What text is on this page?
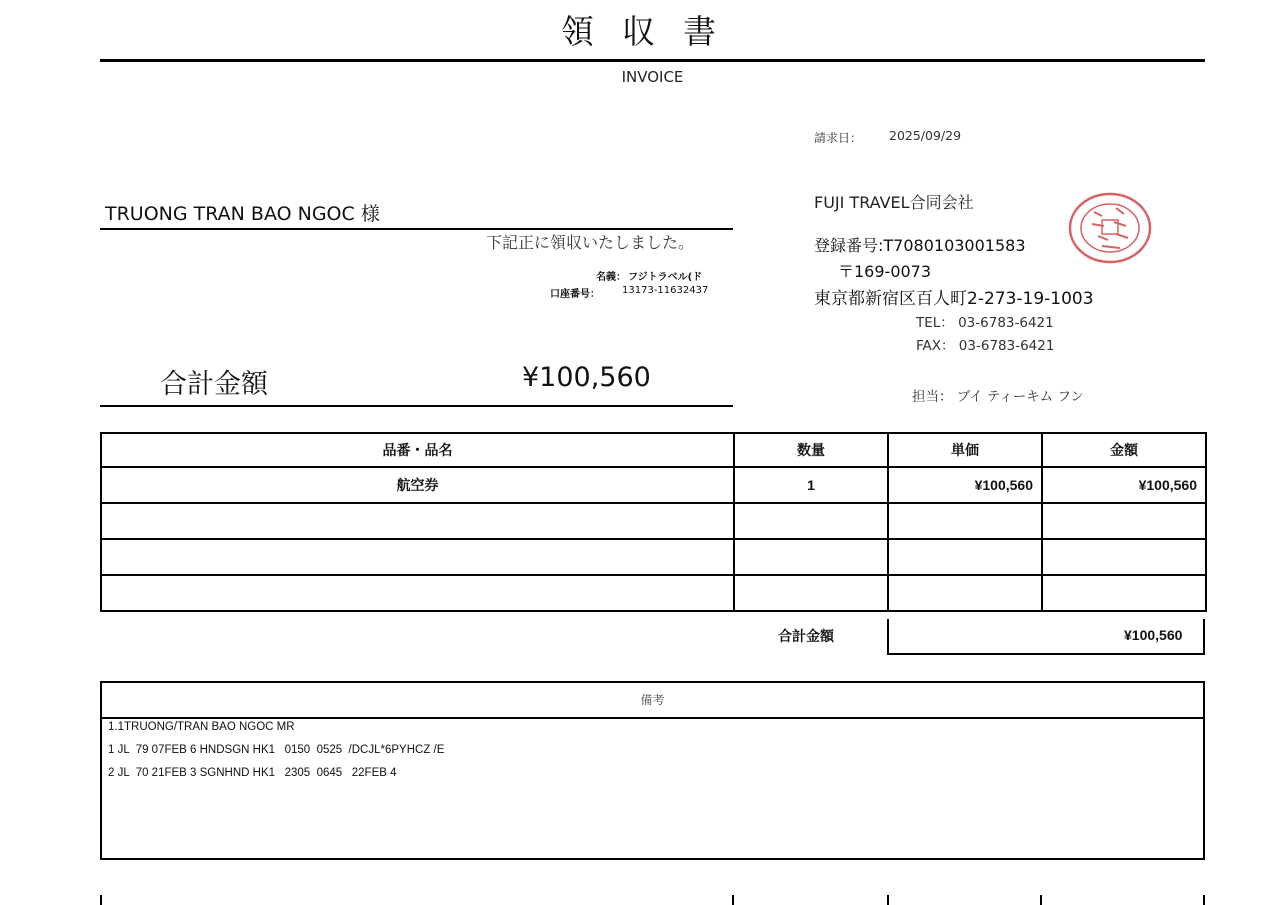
領収書
INVOICE
請求日： 2025/09/29
TRUONG TRAN BAO NGOC 様
下記正に領収いたしました。
名義： フジトラベル(ド
口座番号： 13173-11632437
FUJI TRAVEL合同会社
登録番号:T7080103001583
〒169-0073
東京都新宿区百人町2-273-19-1003
TEL： 03-6783-6421
FAX： 03-6783-6421
担当： ブイ ティーキム フン
合計金額	¥100,560
品番・品名	数量	単価	金額
航空券	1	¥100,560	¥100,560

合計金額	¥100,560
備考
1.1TRUONG/TRAN BAO NGOC MR
1 JL  79 07FEB 6 HNDSGN HK1   0150  0525  /DCJL*6PYHCZ /E
2 JL  70 21FEB 3 SGNHND HK1   2305  0645   22FEB 4
